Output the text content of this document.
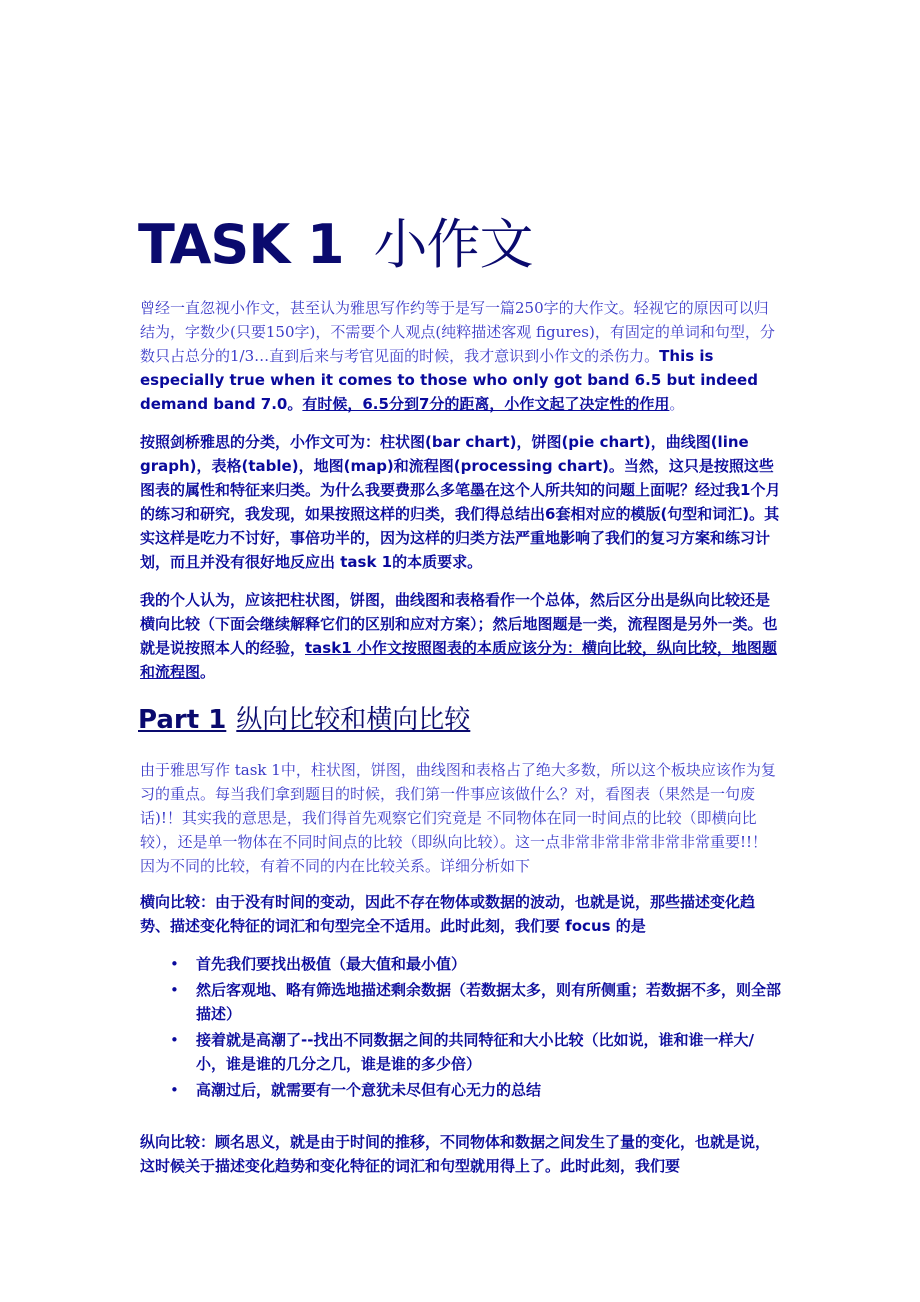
TASK 1 小作文

曾经一直忽视小作文，甚至认为雅思写作约等于是写一篇250字的大作文。轻视它的原因可以归结为，字数少(只要150字)，不需要个人观点(纯粹描述客观 figures)，有固定的单词和句型，分数只占总分的1/3…直到后来与考官见面的时候，我才意识到小作文的杀伤力。This is especially true when it comes to those who only got band 6.5 but indeed demand band 7.0。有时候，6.5分到7分的距离，小作文起了决定性的作用。

按照剑桥雅思的分类，小作文可为：柱状图(bar chart)，饼图(pie chart)，曲线图(line graph)，表格(table)，地图(map)和流程图(processing chart)。当然，这只是按照这些图表的属性和特征来归类。为什么我要费那么多笔墨在这个人所共知的问题上面呢？经过我1个月的练习和研究，我发现，如果按照这样的归类，我们得总结出6套相对应的模版(句型和词汇)。其实这样是吃力不讨好，事倍功半的，因为这样的归类方法严重地影响了我们的复习方案和练习计划，而且并没有很好地反应出 task 1的本质要求。

我的个人认为，应该把柱状图，饼图，曲线图和表格看作一个总体，然后区分出是纵向比较还是横向比较（下面会继续解释它们的区别和应对方案）；然后地图题是一类，流程图是另外一类。也就是说按照本人的经验，task1 小作文按照图表的本质应该分为：横向比较，纵向比较，地图题和流程图。

Part 1 纵向比较和横向比较

由于雅思写作 task 1中，柱状图，饼图，曲线图和表格占了绝大多数，所以这个板块应该作为复习的重点。每当我们拿到题目的时候，我们第一件事应该做什么？对，看图表（果然是一句废话)!！其实我的意思是，我们得首先观察它们究竟是 不同物体在同一时间点的比较（即横向比较），还是单一物体在不同时间点的比较（即纵向比较）。这一点非常非常非常非常非常重要!!！因为不同的比较，有着不同的内在比较关系。详细分析如下

横向比较：由于没有时间的变动，因此不存在物体或数据的波动，也就是说，那些描述变化趋势、描述变化特征的词汇和句型完全不适用。此时此刻，我们要 focus 的是

•	首先我们要找出极值（最大值和最小值）
•	然后客观地、略有筛选地描述剩余数据（若数据太多，则有所侧重；若数据不多，则全部描述）
•	接着就是高潮了--找出不同数据之间的共同特征和大小比较（比如说，谁和谁一样大/小，谁是谁的几分之几，谁是谁的多少倍）
•	高潮过后，就需要有一个意犹未尽但有心无力的总结

纵向比较：顾名思义，就是由于时间的推移，不同物体和数据之间发生了量的变化，也就是说，这时候关于描述变化趋势和变化特征的词汇和句型就用得上了。此时此刻，我们要
